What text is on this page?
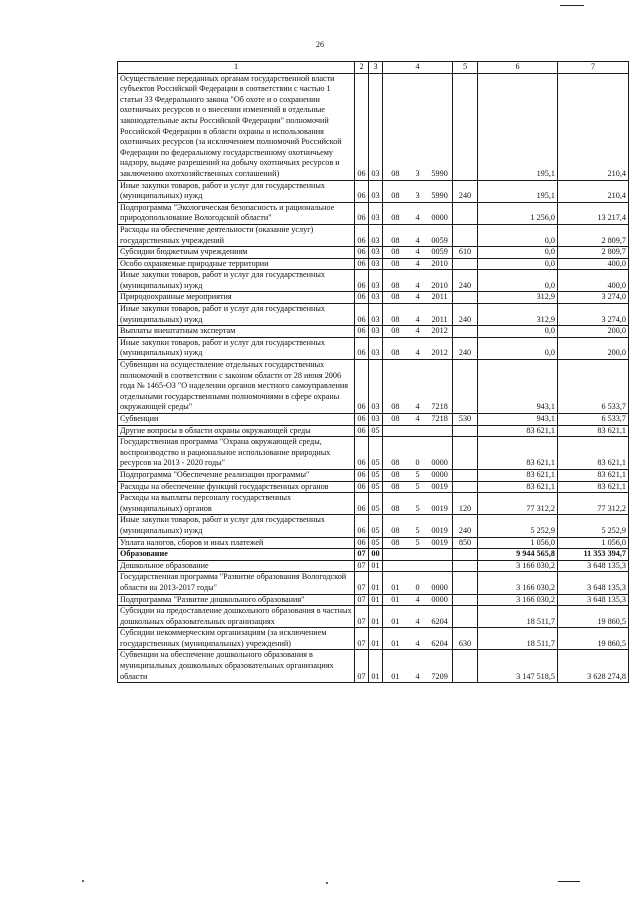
26
1	2	3	4	5	6	7
Осуществление переданных органам государственной власти субъектов Российской Федерации в соответствии с частью 1 статьи 33 Федерального закона "Об охоте и о сохранении охотничьих ресурсов и о внесении изменений в отдельные законодательные акты Российской Федерации" полномочий Российской Федерации в области охраны и использования охотничьих ресурсов (за исключением полномочий Российской Федерации по федеральному государственному охотничьему надзору, выдаче разрешений на добычу охотничьих ресурсов и заключению охотхозяйственных соглашений)	06	03	08 3 5990		195,1	210,4
Иные закупки товаров, работ и услуг для государственных (муниципальных) нужд	06	03	08 3 5990	240	195,1	210,4
Подпрограмма "Экологическая безопасность и рациональное природопользование Вологодской области"	06	03	08 4 0000		1 256,0	13 217,4
Расходы на обеспечение деятельности (оказание услуг) государственных учреждений	06	03	08 4 0059		0,0	2 809,7
Субсидии бюджетным учреждениям	06	03	08 4 0059	610	0,0	2 809,7
Особо охраняемые природные территории	06	03	08 4 2010		0,0	400,0
Иные закупки товаров, работ и услуг для государственных (муниципальных) нужд	06	03	08 4 2010	240	0,0	400,0
Природоохранные мероприятия	06	03	08 4 2011		312,9	3 274,0
Иные закупки товаров, работ и услуг для государственных (муниципальных) нужд	06	03	08 4 2011	240	312,9	3 274,0
Выплаты внештатным экспертам	06	03	08 4 2012		0,0	200,0
Иные закупки товаров, работ и услуг для государственных (муниципальных) нужд	06	03	08 4 2012	240	0,0	200,0
Субвенции на осуществление отдельных государственных полномочий в соответствии с законом области от 28 июня 2006 года № 1465-ОЗ "О наделении органов местного самоуправления отдельными государственными полномочиями в сфере охраны окружающей среды"	06	03	08 4 7218		943,1	6 533,7
Субвенции	06	03	08 4 7218	530	943,1	6 533,7
Другие вопросы в области охраны окружающей среды	06	05			83 621,1	83 621,1
Государственная программа "Охрана окружающей среды, воспроизводство и рациональное использование природных ресурсов на 2013 - 2020 годы"	06	05	08 0 0000		83 621,1	83 621,1
Подпрограмма "Обеспечение реализации программы"	06	05	08 5 0000		83 621,1	83 621,1
Расходы на обеспечение функций государственных органов	06	05	08 5 0019		83 621,1	83 621,1
Расходы на выплаты персоналу государственных (муниципальных) органов	06	05	08 5 0019	120	77 312,2	77 312,2
Иные закупки товаров, работ и услуг для государственных (муниципальных) нужд	06	05	08 5 0019	240	5 252,9	5 252,9
Уплата налогов, сборов и иных платежей	06	05	08 5 0019	850	1 056,0	1 056,0
Образование	07	00			9 944 565,8	11 353 394,7
Дошкольное образование	07	01			3 166 030,2	3 648 135,3
Государственная программа "Развитие образования Вологодской области на 2013-2017 годы"	07	01	01 0 0000		3 166 030,2	3 648 135,3
Подпрограмма "Развитие дошкольного образования"	07	01	01 4 0000		3 166 030,2	3 648 135,3
Субсидии на предоставление дошкольного образования в частных дошкольных образовательных организациях	07	01	01 4 6204		18 511,7	19 860,5
Субсидии некоммерческим организациям (за исключением государственных (муниципальных) учреждений)	07	01	01 4 6204	630	18 511,7	19 860,5
Субвенции на обеспечение дошкольного образования в муниципальных дошкольных образовательных организациях области	07	01	01 4 7209		3 147 518,5	3 628 274,8
